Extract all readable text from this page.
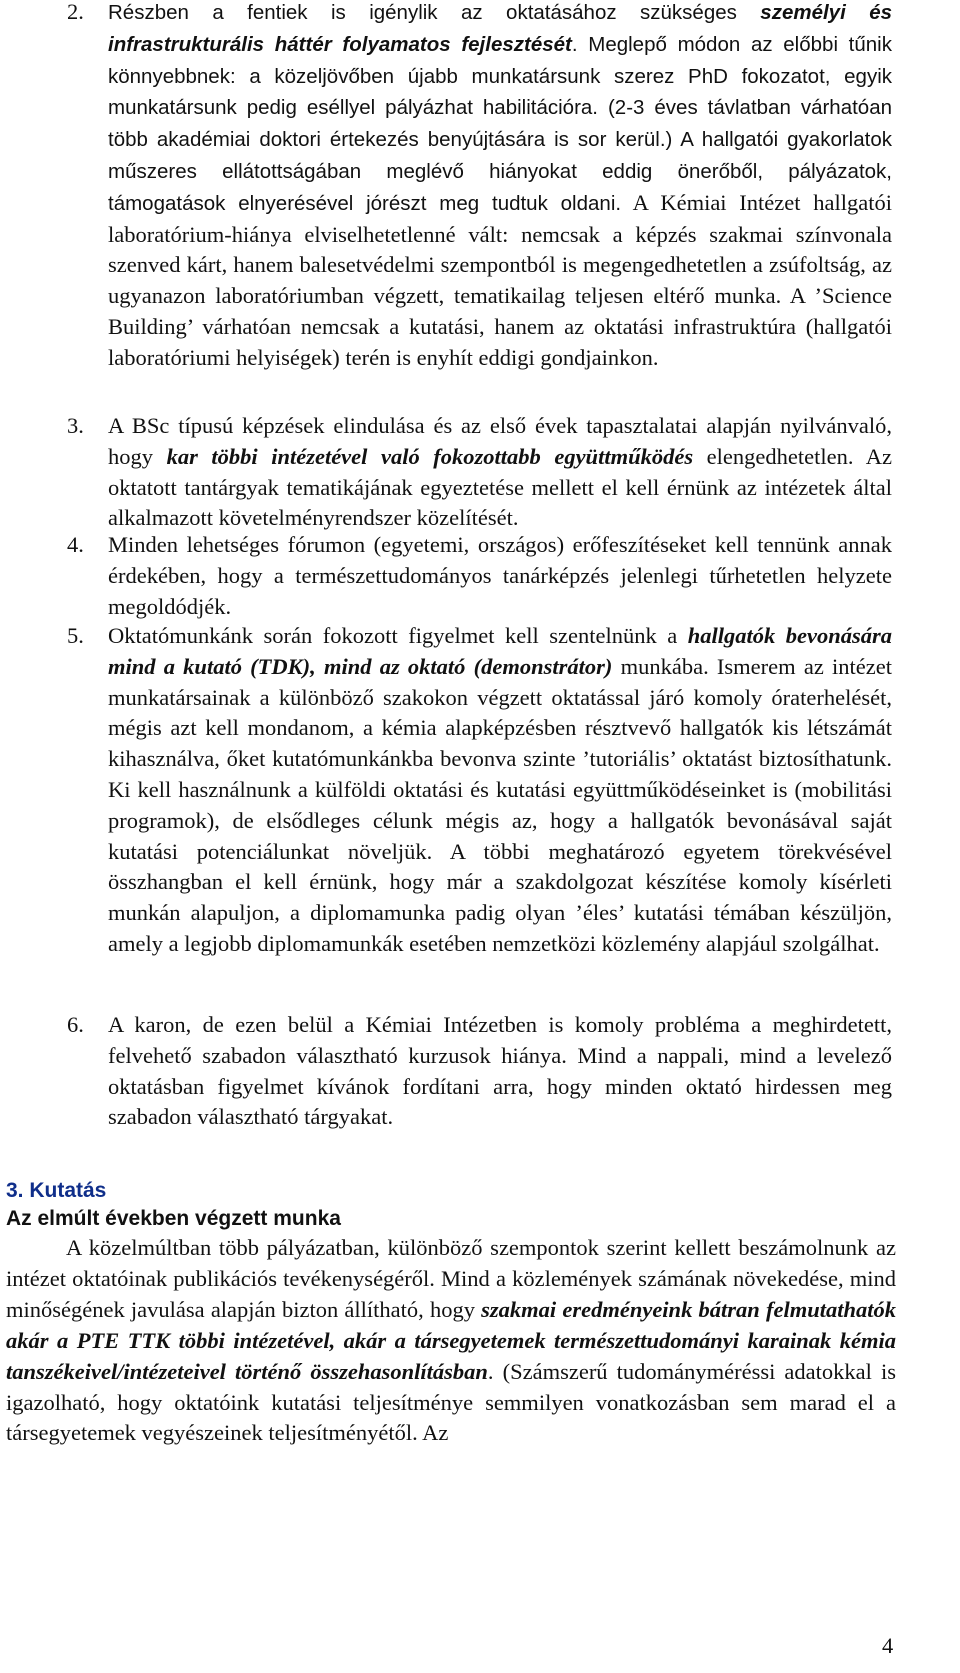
2. Részben a fentiek is igénylik az oktatásához szükséges személyi és infrastrukturális háttér folyamatos fejlesztését. Meglepő módon az előbbi tűnik könnyebbnek: a közeljövőben újabb munkatársunk szerez PhD fokozatot, egyik munkatársunk pedig eséllyel pályázhat habilitációra. (2-3 éves távlatban várhatóan több akadémiai doktori értekezés benyújtására is sor kerül.) A hallgatói gyakorlatok műszeres ellátottságában meglévő hiányokat eddig önerőből, pályázatok, támogatások elnyerésével jórészt meg tudtuk oldani. A Kémiai Intézet hallgatói laboratórium-hiánya elviselhetetlenné vált: nemcsak a képzés szakmai színvonala szenved kárt, hanem balesetvédelmi szempontból is megengedhetetlen a zsúfoltság, az ugyanazon laboratóriumban végzett, tematikailag teljesen eltérő munka. A ’Science Building’ várhatóan nemcsak a kutatási, hanem az oktatási infrastruktúra (hallgatói laboratóriumi helyiségek) terén is enyhít eddigi gondjainkon.

3. A BSc típusú képzések elindulása és az első évek tapasztalatai alapján nyilvánvaló, hogy kar többi intézetével való fokozottabb együttműködés elengedhetetlen. Az oktatott tantárgyak tematikájának egyeztetése mellett el kell érnünk az intézetek által alkalmazott követelményrendszer közelítését.

4. Minden lehetséges fórumon (egyetemi, országos) erőfeszítéseket kell tennünk annak érdekében, hogy a természettudományos tanárképzés jelenlegi tűrhetetlen helyzete megoldódjék.

5. Oktatómunkánk során fokozott figyelmet kell szentelnünk a hallgatók bevonására mind a kutató (TDK), mind az oktató (demonstrátor) munkába. Ismerem az intézet munkatársainak a különböző szakokon végzett oktatással járó komoly óraterhelését, mégis azt kell mondanom, a kémia alapképzésben résztvevő hallgatók kis létszámát kihasználva, őket kutatómunkánkba bevonva szinte ’tutoriális’ oktatást biztosíthatunk. Ki kell használnunk a külföldi oktatási és kutatási együttműködéseinket is (mobilitási programok), de elsődleges célunk mégis az, hogy a hallgatók bevonásával saját kutatási potenciálunkat növeljük. A többi meghatározó egyetem törekvésével összhangban el kell érnünk, hogy már a szakdolgozat készítése komoly kísérleti munkán alapuljon, a diplomamunka padig olyan ’éles’ kutatási témában készüljön, amely a legjobb diplomamunkák esetében nemzetközi közlemény alapjául szolgálhat.

6. A karon, de ezen belül a Kémiai Intézetben is komoly probléma a meghirdetett, felvehető szabadon választható kurzusok hiánya. Mind a nappali, mind a levelező oktatásban figyelmet kívánok fordítani arra, hogy minden oktató hirdessen meg szabadon választható tárgyakat.

3. Kutatás
Az elmúlt években végzett munka

A közelmúltban több pályázatban, különböző szempontok szerint kellett beszámolnunk az intézet oktatóinak publikációs tevékenységéről. Mind a közlemények számának növekedése, mind minőségének javulása alapján bizton állítható, hogy szakmai eredményeink bátran felmutathatók akár a PTE TTK többi intézetével, akár a társegyetemek természettudományi karainak kémia tanszékeivel/intézeteivel történő összehasonlításban. (Számszerű tudományméréssi adatokkal is igazolható, hogy oktatóink kutatási teljesítménye semmilyen vonatkozásban sem marad el a társegyetemek vegyészeinek teljesítményétől. Az

4
